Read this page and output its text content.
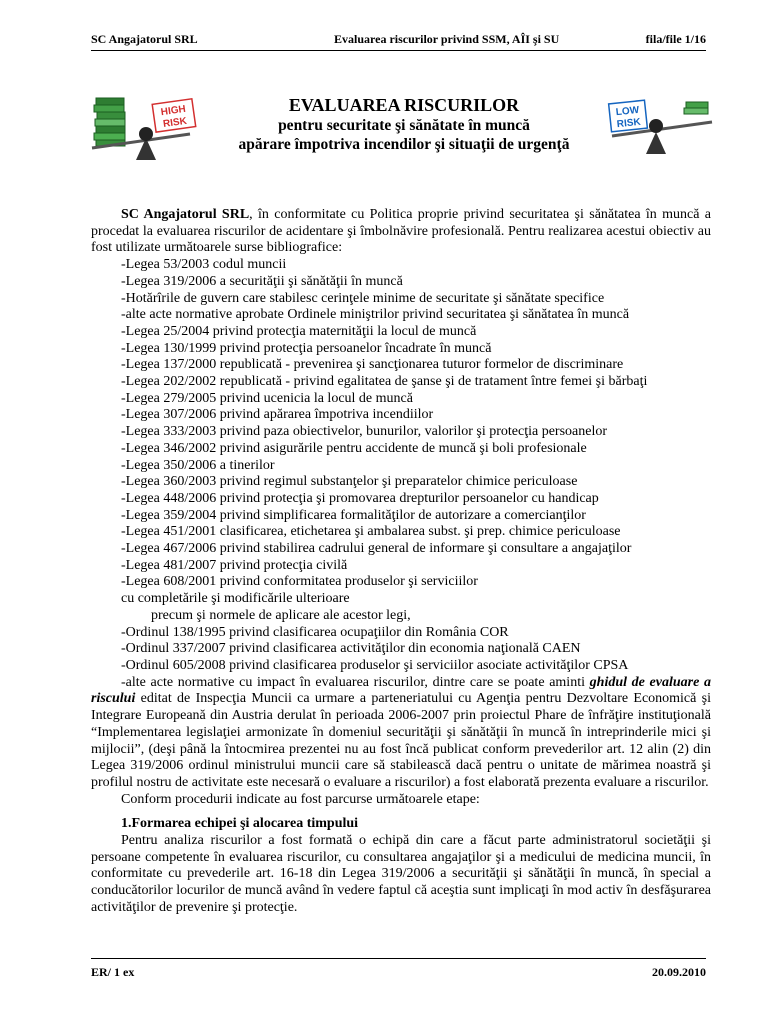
SC Angajatorul SRL	Evaluarea riscurilor privind SSM, AÎI şi SU	fila/file 1/16
HIGH
RISK
EVALUAREA RISCURILOR
pentru securitate şi sănătate în muncă
apărare împotriva incendilor şi situaţii de urgenţă
LOW
RISK

SC Angajatorul SRL, în conformitate cu Politica proprie privind securitatea şi sănătatea în muncă a procedat la evaluarea riscurilor de acidentare şi îmbolnăvire profesională. Pentru realizarea acestui obiectiv au fost utilizate următoarele surse bibliografice:

-Legea 53/2003 codul muncii

-Legea 319/2006 a securităţii şi sănătăţii în muncă

-Hotărîrile de guvern care stabilesc cerinţele minime de securitate şi sănătate specifice

-alte acte normative aprobate Ordinele miniştrilor privind securitatea şi sănătatea în muncă

-Legea 25/2004 privind protecţia maternităţii la locul de muncă

-Legea 130/1999 privind protecţia persoanelor încadrate în muncă

-Legea 137/2000 republicată - prevenirea şi sancţionarea tuturor formelor de discriminare

-Legea 202/2002 republicată - privind egalitatea de şanse şi de tratament între femei şi bărbaţi

-Legea 279/2005 privind ucenicia la locul de muncă

-Legea 307/2006 privind apărarea împotriva incendiilor

-Legea 333/2003 privind paza obiectivelor, bunurilor, valorilor şi protecţia persoanelor

-Legea 346/2002 privind asigurările pentru accidente de muncă şi boli profesionale

-Legea 350/2006 a tinerilor

-Legea 360/2003 privind regimul substanţelor şi preparatelor chimice periculoase

-Legea 448/2006 privind protecţia şi promovarea drepturilor persoanelor cu handicap

-Legea 359/2004 privind simplificarea formalităţilor de autorizare a comercianţilor

-Legea 451/2001 clasificarea, etichetarea şi ambalarea subst. şi prep. chimice periculoase

-Legea 467/2006 privind stabilirea cadrului general de informare şi consultare a angajaţilor

-Legea 481/2007 privind protecţia civilă

-Legea 608/2001 privind conformitatea produselor şi serviciilor

cu completările şi modificările ulterioare

precum şi normele de aplicare ale acestor legi,

-Ordinul 138/1995 privind clasificarea ocupaţiilor din România COR

-Ordinul 337/2007 privind clasificarea activităţilor din economia naţională CAEN

-Ordinul 605/2008 privind clasificarea produselor şi serviciilor asociate activităţilor CPSA

-alte acte normative cu impact în evaluarea riscurilor, dintre care se poate aminti ghidul de evaluare a riscului editat de Inspecţia Muncii ca urmare a parteneriatului cu Agenţia pentru Dezvoltare Economică şi Integrare Europeană din Austria derulat în perioada 2006-2007 prin proiectul Phare de înfrăţire instituţională “Implementarea legislaţiei armonizate în domeniul securităţii şi sănătăţii în muncă în intreprinderile mici şi mijlocii”, (deşi până la întocmirea prezentei nu au fost încă publicat conform prevederilor art. 12 alin (2) din Legea 319/2006 ordinul ministrului muncii care să stabilească dacă pentru o unitate de mărimea noastră şi profilul nostru de activitate este necesară o evaluare a riscurilor) a fost elaborată prezenta evaluare a riscurilor.

Conform procedurii indicate au fost parcurse următoarele etape:

1.Formarea echipei şi alocarea timpului

Pentru analiza riscurilor a fost formată o echipă din care a făcut parte administratorul societăţii şi persoane competente în evaluarea riscurilor, cu consultarea angajaţilor şi a medicului de medicina muncii, în conformitate cu prevederile art. 16-18 din Legea 319/2006 a securităţii şi sănătăţii în muncă, în special a conducătorilor locurilor de muncă având în vedere faptul că aceştia sunt implicaţi în mod activ în desfăşurarea activităţilor de prevenire şi protecţie.

ER/ 1 ex	20.09.2010
